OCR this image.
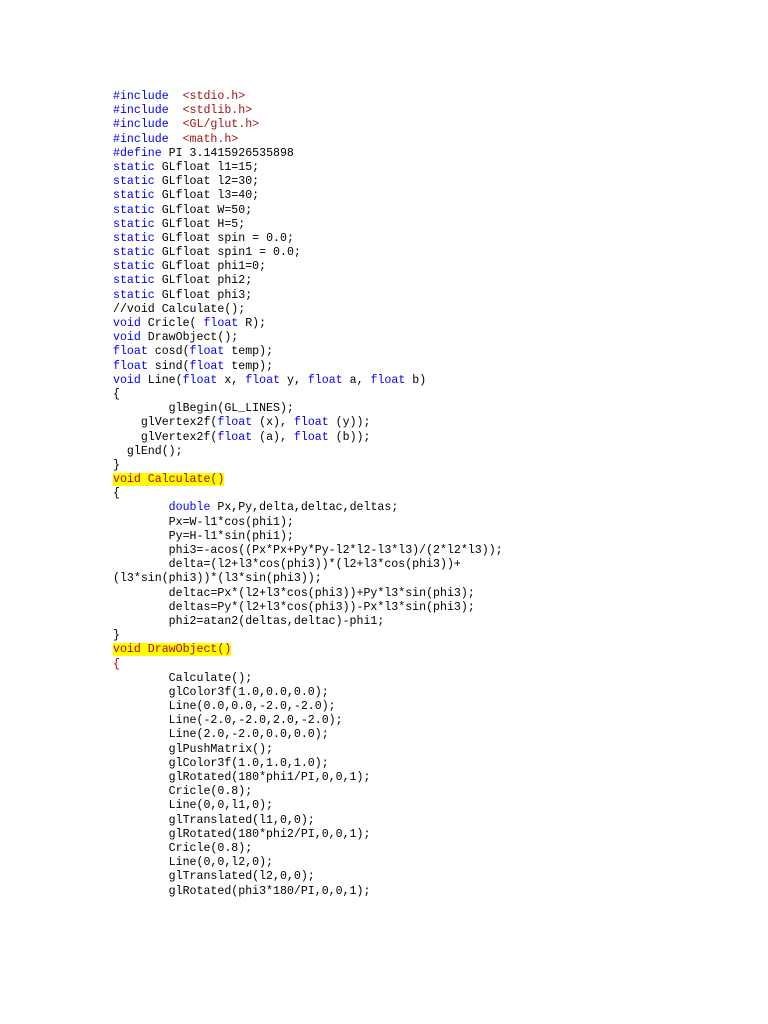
#include <stdio.h>
#include <stdlib.h>
#include <GL/glut.h>
#include <math.h>
#define PI 3.1415926535898
static GLfloat l1=15;
static GLfloat l2=30;
static GLfloat l3=40;
static GLfloat W=50;
static GLfloat H=5;
static GLfloat spin = 0.0;
static GLfloat spin1 = 0.0;
static GLfloat phi1=0;
static GLfloat phi2;
static GLfloat phi3;
//void Calculate();
void Cricle( float R);
void DrawObject();
float cosd(float temp);
float sind(float temp);
void Line(float x, float y, float a, float b)
{
glBegin(GL_LINES);
glVertex2f(float (x), float (y));
glVertex2f(float (a), float (b));
glEnd();
}
void Calculate()
{
double Px,Py,delta,deltac,deltas;
Px=W-l1*cos(phi1);
Py=H-l1*sin(phi1);
phi3=-acos((Px*Px+Py*Py-l2*l2-l3*l3)/(2*l2*l3));
delta=(l2+l3*cos(phi3))*(l2+l3*cos(phi3))+
(l3*sin(phi3))*(l3*sin(phi3));
deltac=Px*(l2+l3*cos(phi3))+Py*l3*sin(phi3);
deltas=Py*(l2+l3*cos(phi3))-Px*l3*sin(phi3);
phi2=atan2(deltas,deltac)-phi1;
}
void DrawObject()
{
Calculate();
glColor3f(1.0,0.0,0.0);
Line(0.0,0.0,-2.0,-2.0);
Line(-2.0,-2.0,2.0,-2.0);
Line(2.0,-2.0,0.0,0.0);
glPushMatrix();
glColor3f(1.0,1.0,1.0);
glRotated(180*phi1/PI,0,0,1);
Cricle(0.8);
Line(0,0,l1,0);
glTranslated(l1,0,0);
glRotated(180*phi2/PI,0,0,1);
Cricle(0.8);
Line(0,0,l2,0);
glTranslated(l2,0,0);
glRotated(phi3*180/PI,0,0,1);
